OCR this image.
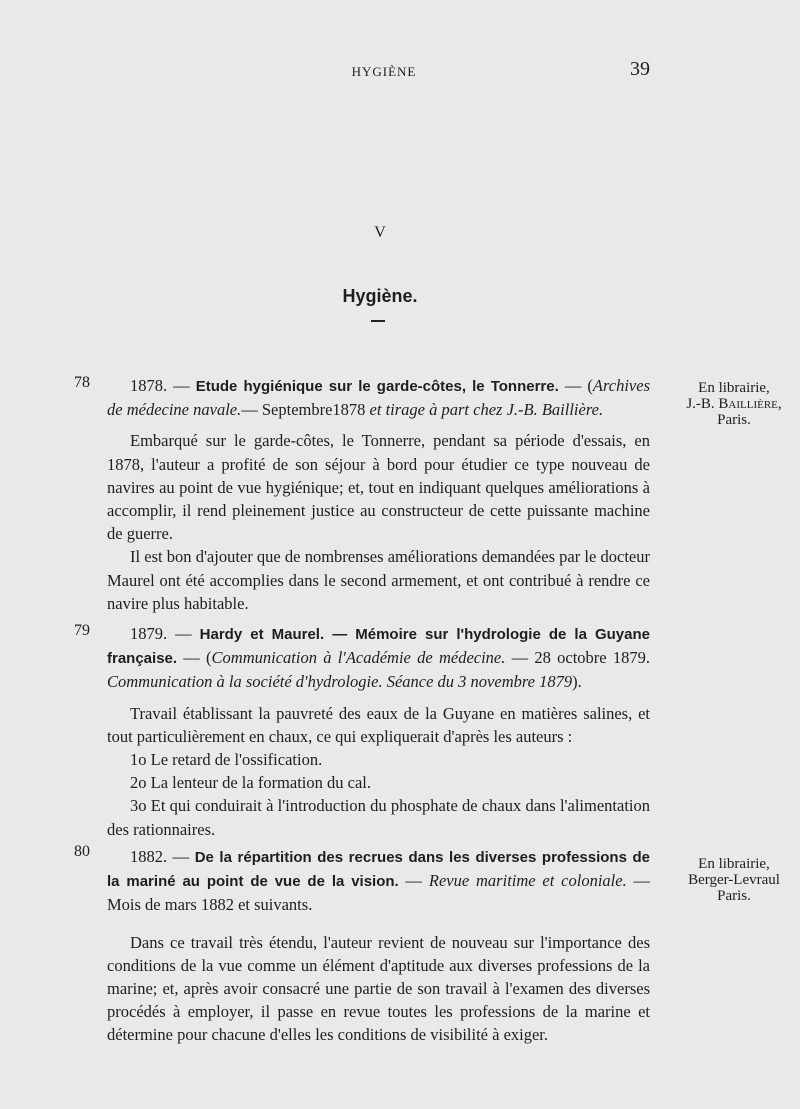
HYGIÈNE	39
V
Hygiène.
78	1878. — Etude hygiénique sur le garde-côtes, le Tonnerre. — (Archives de médecine navale.— Septembre1878 et tirage à part chez J.-B. Baillière.

Embarqué sur le garde-côtes, le Tonnerre, pendant sa période d'essais, en 1878, l'auteur a profité de son séjour à bord pour étudier ce type nouveau de navires au point de vue hygiénique; et, tout en indiquant quelques améliorations à accomplir, il rend pleinement justice au constructeur de cette puissante machine de guerre.

Il est bon d'ajouter que de nombrenses améliorations demandées par le docteur Maurel ont été accomplies dans le second armement, et ont contribué à rendre ce navire plus habitable.

En librairie,
J.-B. Baillière,
Paris.
79	1879. — Hardy et Maurel. — Mémoire sur l'hydrologie de la Guyane française. — (Communication à l'Académie de médecine. — 28 octobre 1879. Communication à la société d'hydrologie. Séance du 3 novembre 1879).

Travail établissant la pauvreté des eaux de la Guyane en matières salines, et tout particulièrement en chaux, ce qui expliquerait d'après les auteurs :

1o Le retard de l'ossification.
2o La lenteur de la formation du cal.

3o Et qui conduirait à l'introduction du phosphate de chaux dans l'alimentation des rationnaires.

80	1882. — De la répartition des recrues dans les diverses professions de la mariné au point de vue de la vision. — Revue maritime et coloniale. — Mois de mars 1882 et suivants.

Dans ce travail très étendu, l'auteur revient de nouveau sur l'importance des conditions de la vue comme un élément d'aptitude aux diverses professions de la marine; et, après avoir consacré une partie de son travail à l'examen des diverses procédés à employer, il passe en revue toutes les professions de la marine et détermine pour chacune d'elles les conditions de visibilité à exiger.

En librairie,
Berger-Levraul
Paris.
